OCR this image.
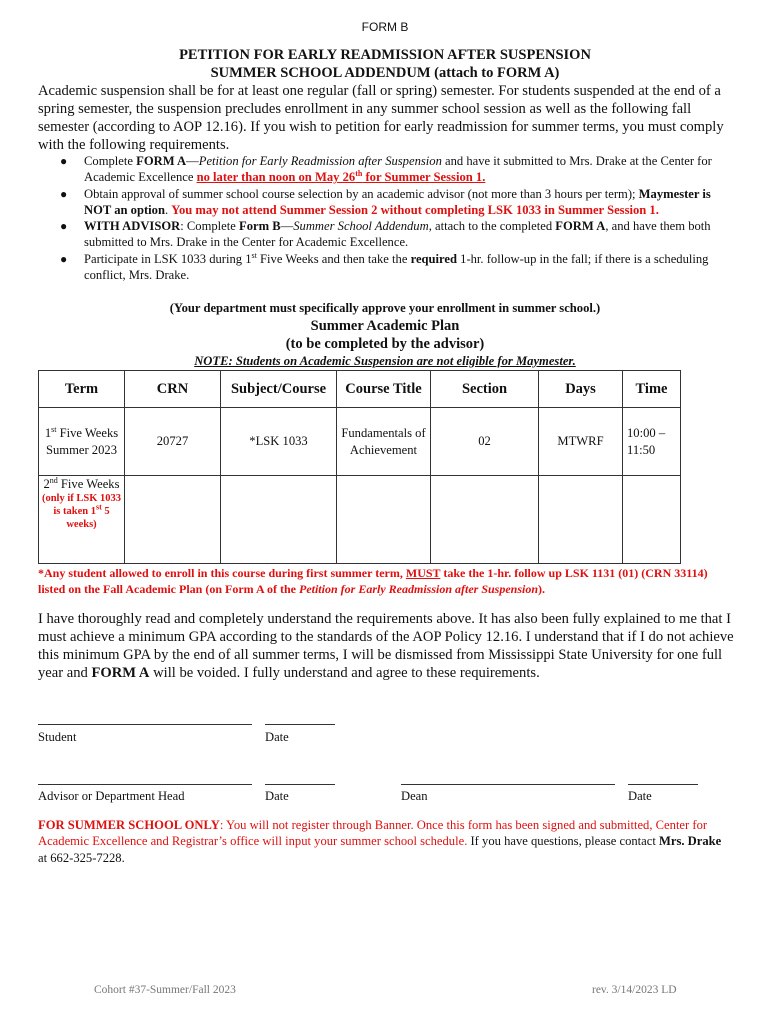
FORM B
PETITION FOR EARLY READMISSION AFTER SUSPENSION
SUMMER SCHOOL ADDENDUM (attach to FORM A)
Academic suspension shall be for at least one regular (fall or spring) semester. For students suspended at the end of a spring semester, the suspension precludes enrollment in any summer school session as well as the following fall semester (according to AOP 12.16). If you wish to petition for early readmission for summer terms, you must comply with the following requirements.
● Complete FORM A—Petition for Early Readmission after Suspension and have it submitted to Mrs. Drake at the Center for Academic Excellence no later than noon on May 26th for Summer Session 1.
● Obtain approval of summer school course selection by an academic advisor (not more than 3 hours per term); Maymester is NOT an option. You may not attend Summer Session 2 without completing LSK 1033 in Summer Session 1.
● WITH ADVISOR: Complete Form B—Summer School Addendum, attach to the completed FORM A, and have them both submitted to Mrs. Drake in the Center for Academic Excellence.
● Participate in LSK 1033 during 1st Five Weeks and then take the required 1-hr. follow-up in the fall; if there is a scheduling conflict, Mrs. Drake.
(Your department must specifically approve your enrollment in summer school.)
Summer Academic Plan
(to be completed by the advisor)
NOTE: Students on Academic Suspension are not eligible for Maymester.
Term	CRN	Subject/Course	Course Title	Section	Days	Time
1st Five Weeks Summer 2023	20727	*LSK 1033	Fundamentals of Achievement	02	MTWRF	10:00 – 11:50

2nd Five Weeks
(only if LSK 1033 is taken 1st 5 weeks)						

*Any student allowed to enroll in this course during first summer term, MUST take the 1-hr. follow up LSK 1131 (01) (CRN 33114) listed on the Fall Academic Plan (on Form A of the Petition for Early Readmission after Suspension).
I have thoroughly read and completely understand the requirements above. It has also been fully explained to me that I must achieve a minimum GPA according to the standards of the AOP Policy 12.16. I understand that if I do not achieve this minimum GPA by the end of all summer terms, I will be dismissed from Mississippi State University for one full year and FORM A will be voided. I fully understand and agree to these requirements.
Student	Date
Advisor or Department Head	Date	Dean	Date
FOR SUMMER SCHOOL ONLY: You will not register through Banner. Once this form has been signed and submitted, Center for Academic Excellence and Registrar’s office will input your summer school schedule. If you have questions, please contact Mrs. Drake at 662-325-7228.
Cohort #37-Summer/Fall 2023	rev. 3/14/2023 LD
